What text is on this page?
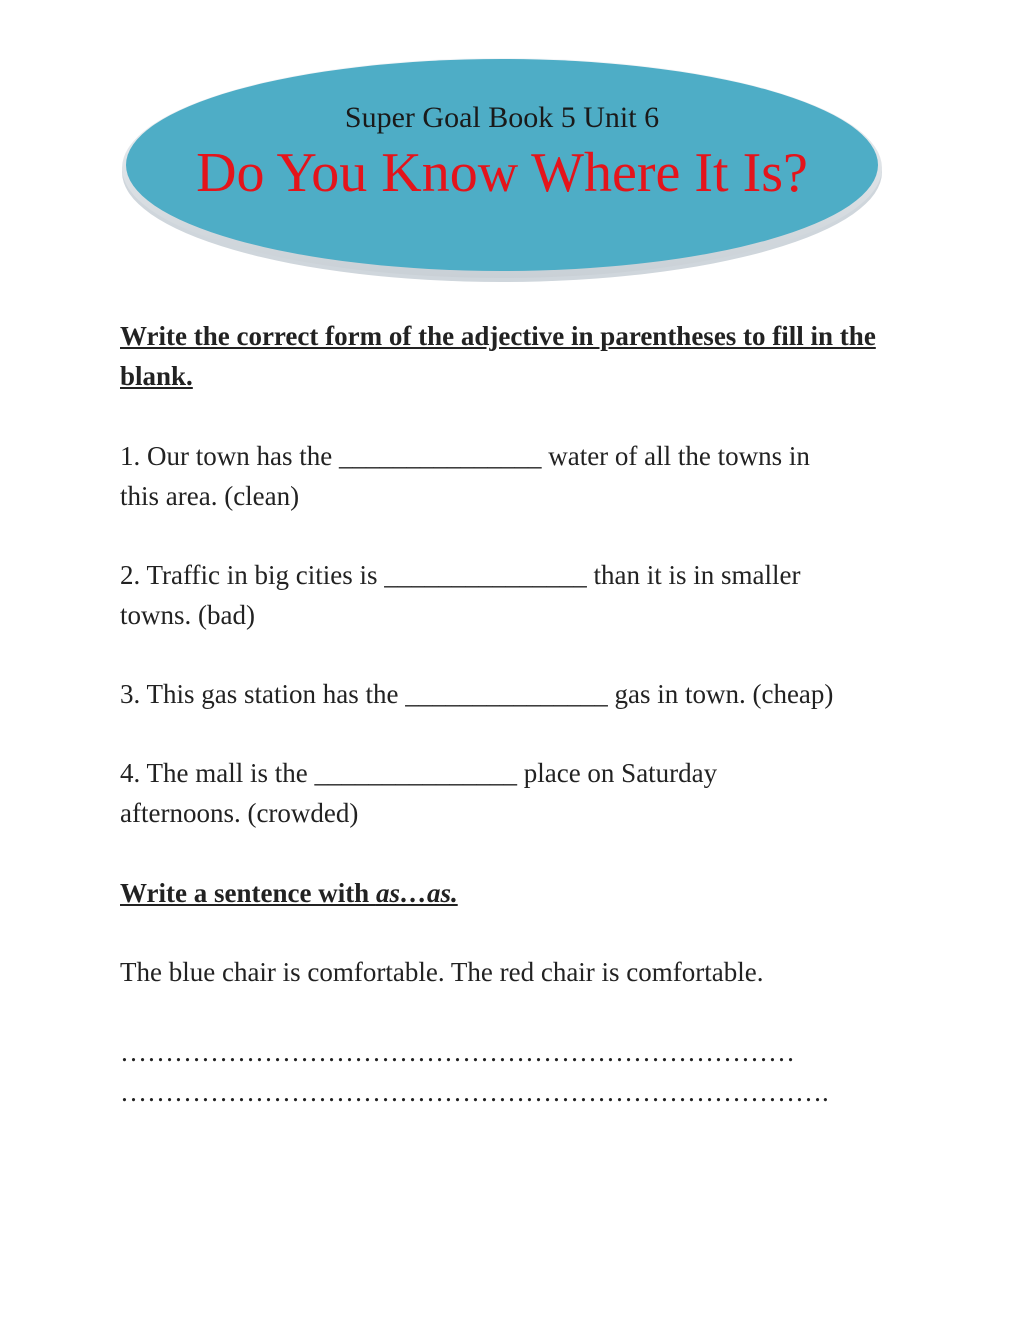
Super Goal Book 5 Unit 6
Do You Know Where It Is?

Write the correct form of the adjective in parentheses to fill in the blank.

1. Our town has the _______________ water of all the towns in
this area. (clean)

2. Traffic in big cities is _______________ than it is in smaller
towns. (bad)

3. This gas station has the _______________ gas in town. (cheap)

4. The mall is the _______________ place on Saturday
afternoons. (crowded)

Write a sentence with as…as.

The blue chair is comfortable. The red chair is comfortable.

…………………………………………………………………

…………………………………………………………………….
